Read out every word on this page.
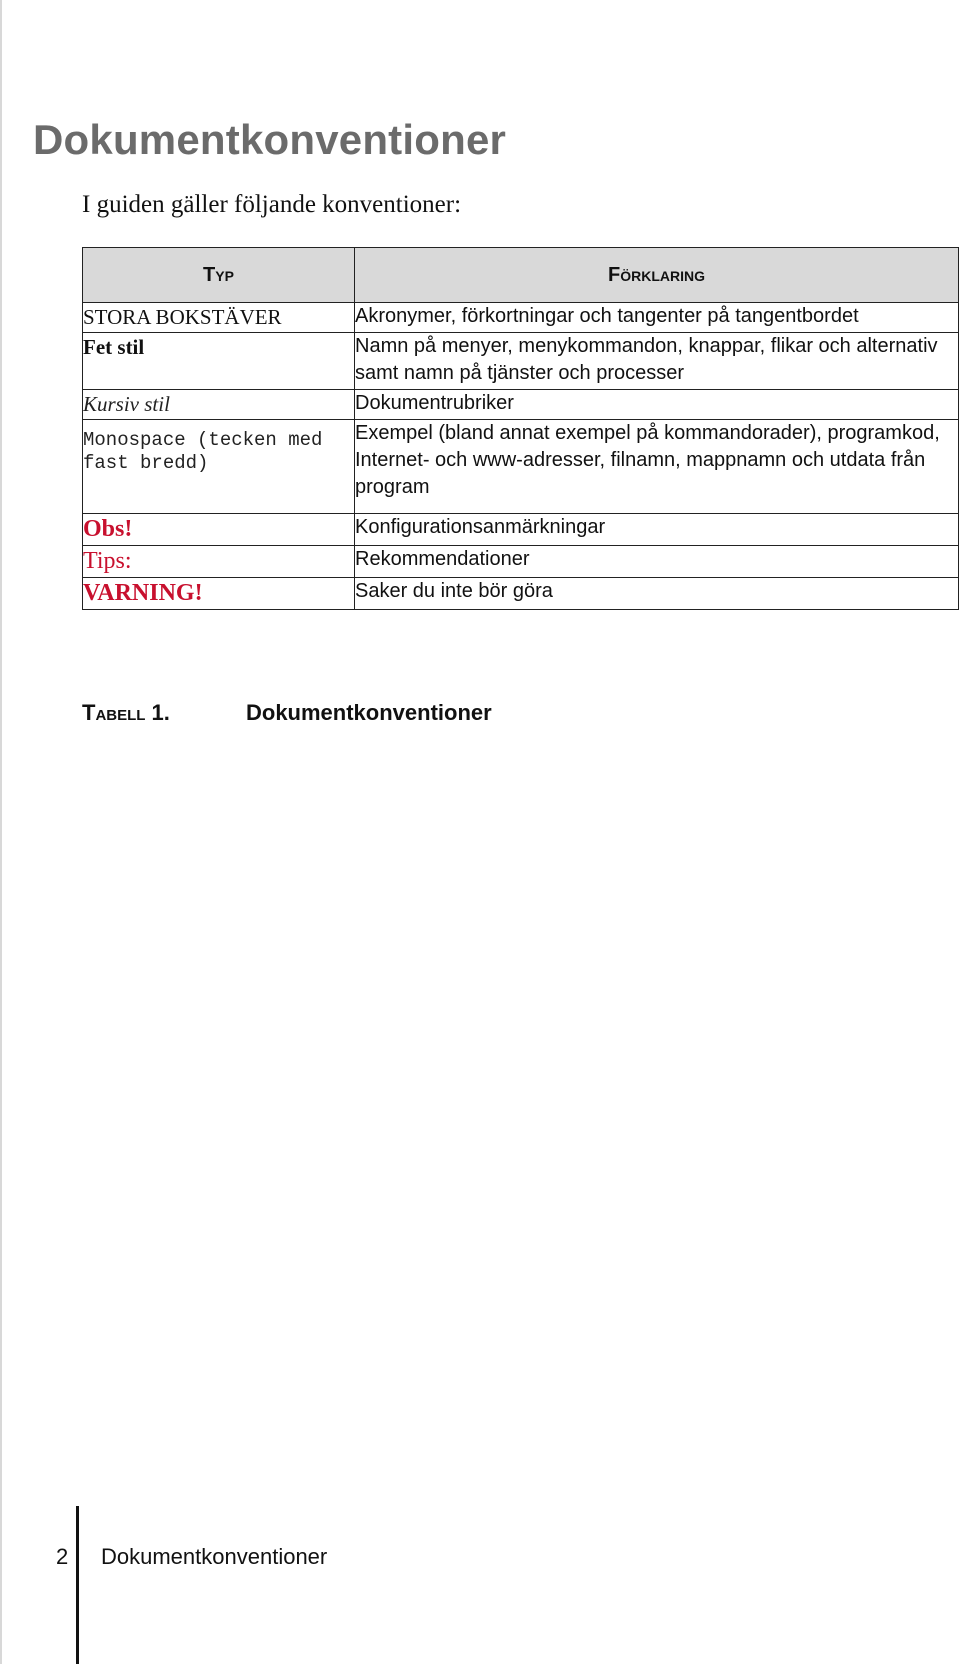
Dokumentkonventioner

I guiden gäller följande konventioner:

Typ	Förklaring
STORA BOKSTÄVER	Akronymer, förkortningar och tangenter på tangentbordet
Fet stil	Namn på menyer, menykommandon, knappar, flikar och alternativ samt namn på tjänster och processer
Kursiv stil	Dokumentrubriker

Monospace (tecken med fast bredd)	Exempel (bland annat exempel på kommandorader), programkod, Internet- och www-adresser, filnamn, mappnamn och utdata från program
Obs!	Konfigurationsanmärkningar
Tips:	Rekommendationer
VARNING!	Saker du inte bör göra
Tabell 1.	Dokumentkonventioner
2 Dokumentkonventioner
